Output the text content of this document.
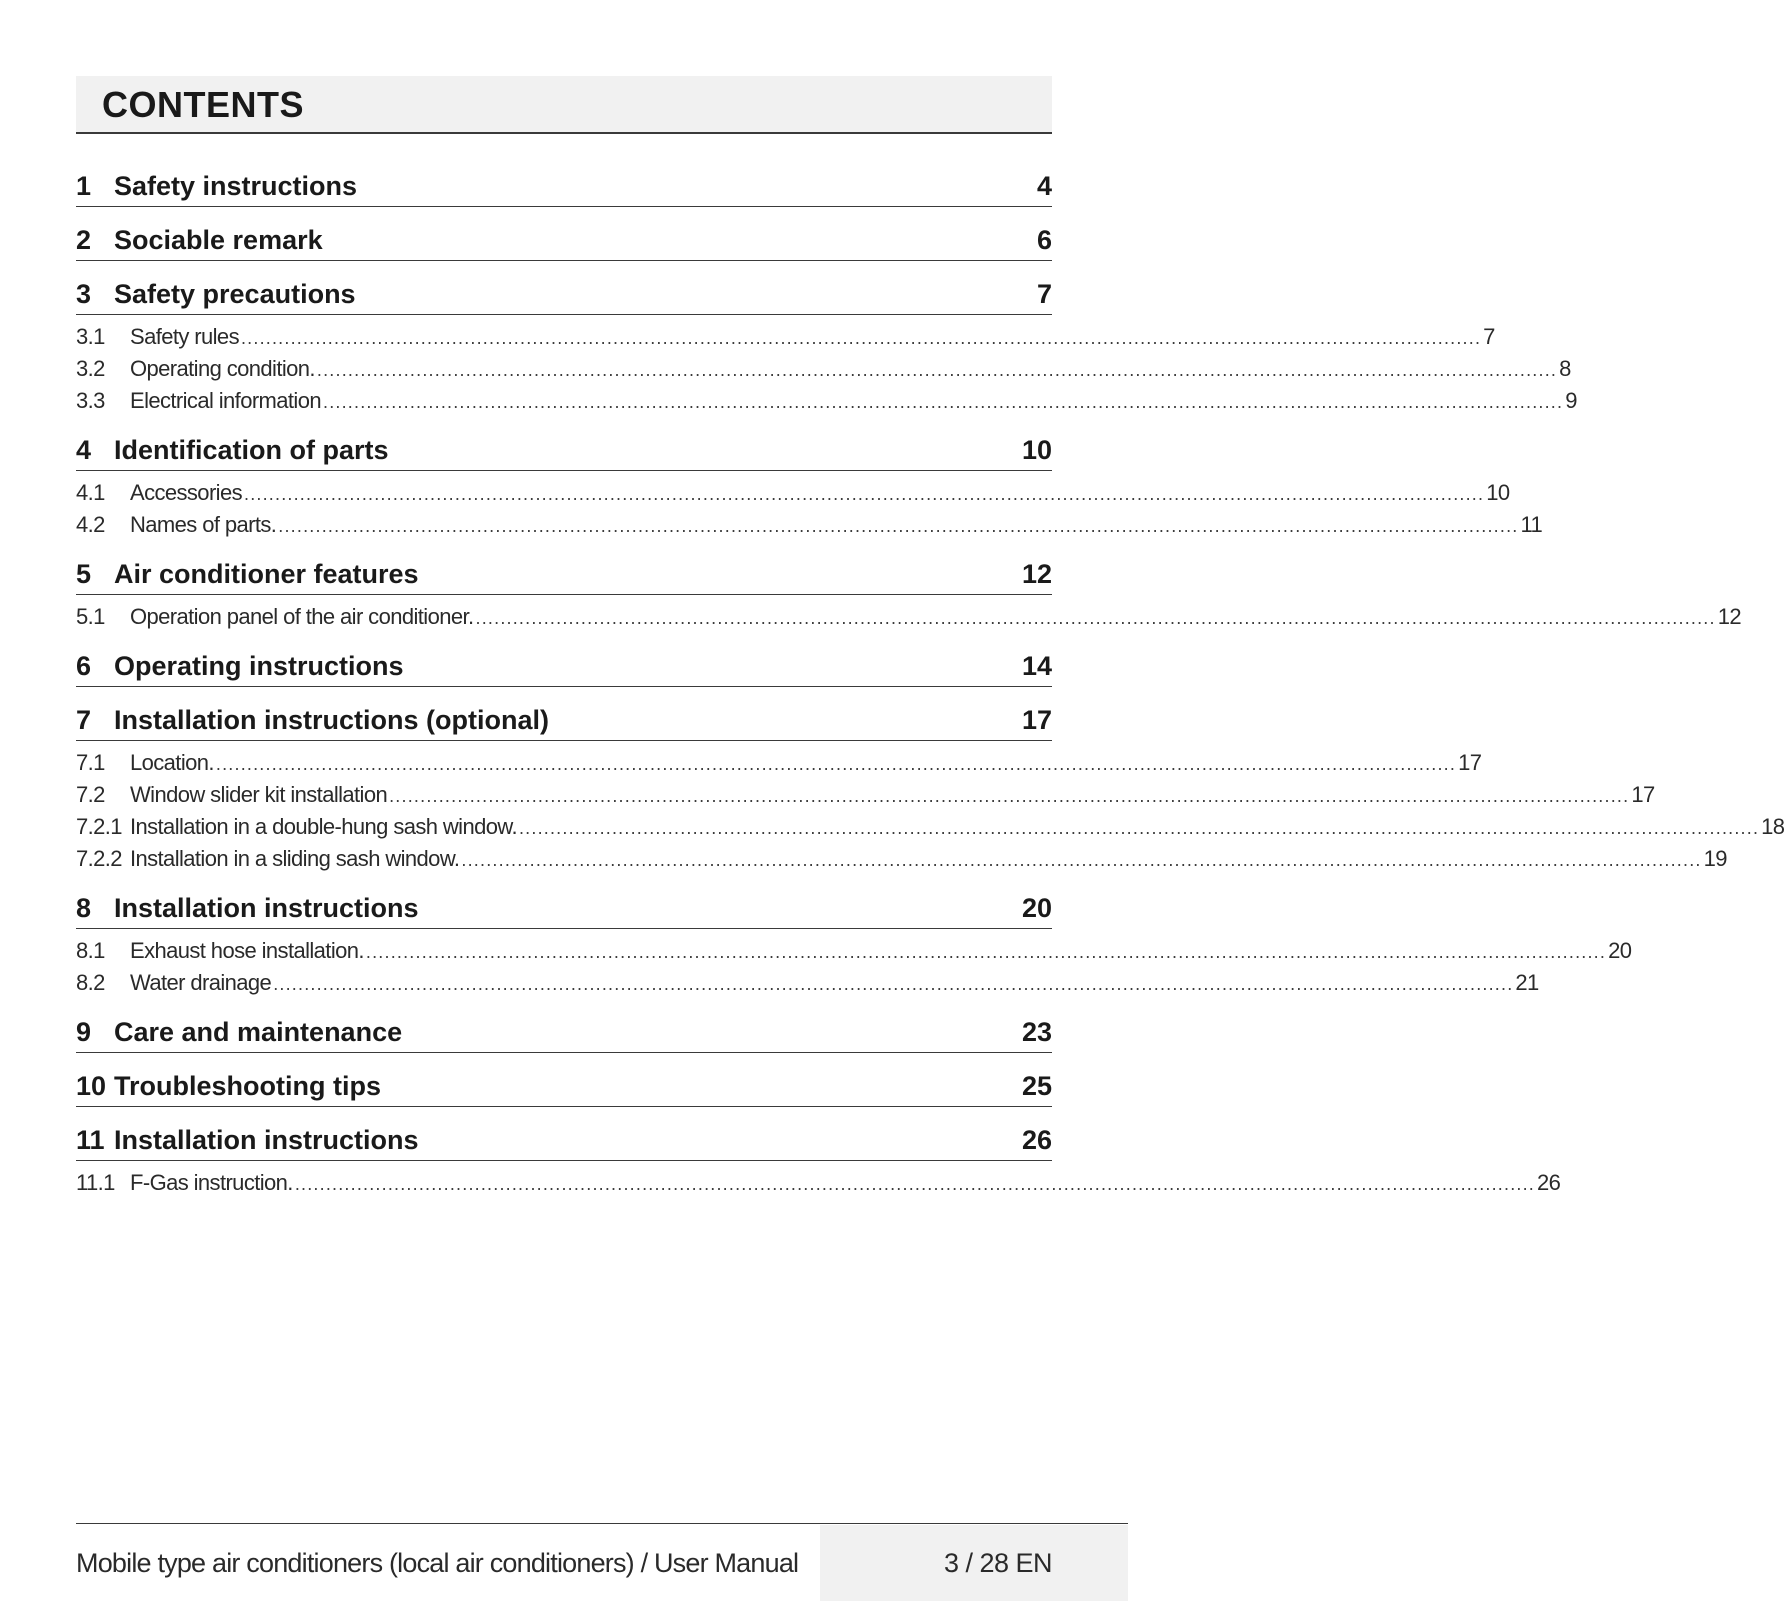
CONTENTS
1 Safety instructions	4
2 Sociable remark	6
3 Safety precautions	7
3.1	Safety rules ........................................................................................................................................................................................................ 7
3.2	Operating condition. ........................................................................................................................................................................................................ 8
3.3	Electrical information ........................................................................................................................................................................................................ 9
4 Identification of parts	10
4.1	Accessories ........................................................................................................................................................................................................ 10
4.2	Names of parts. ........................................................................................................................................................................................................ 11
5 Air conditioner features	12
5.1	Operation panel of the air conditioner. ........................................................................................................................................................................................................ 12
6 Operating instructions	14
7 Installation instructions (optional)	17
7.1	Location. ........................................................................................................................................................................................................ 17
7.2	Window slider kit installation ........................................................................................................................................................................................................ 17
7.2.1 Installation in a double-hung sash window. ........................................................................................................................................................................................................ 18
7.2.2 Installation in a sliding sash window. ........................................................................................................................................................................................................ 19
8 Installation instructions	20
8.1	Exhaust hose installation. ........................................................................................................................................................................................................ 20
8.2	Water drainage ........................................................................................................................................................................................................ 21
9 Care and maintenance	23
10 Troubleshooting tips	25
11 Installation instructions	26
11.1 F-Gas instruction. ........................................................................................................................................................................................................ 26
Mobile type air conditioners (local air conditioners) / User Manual	3 / 28 EN
